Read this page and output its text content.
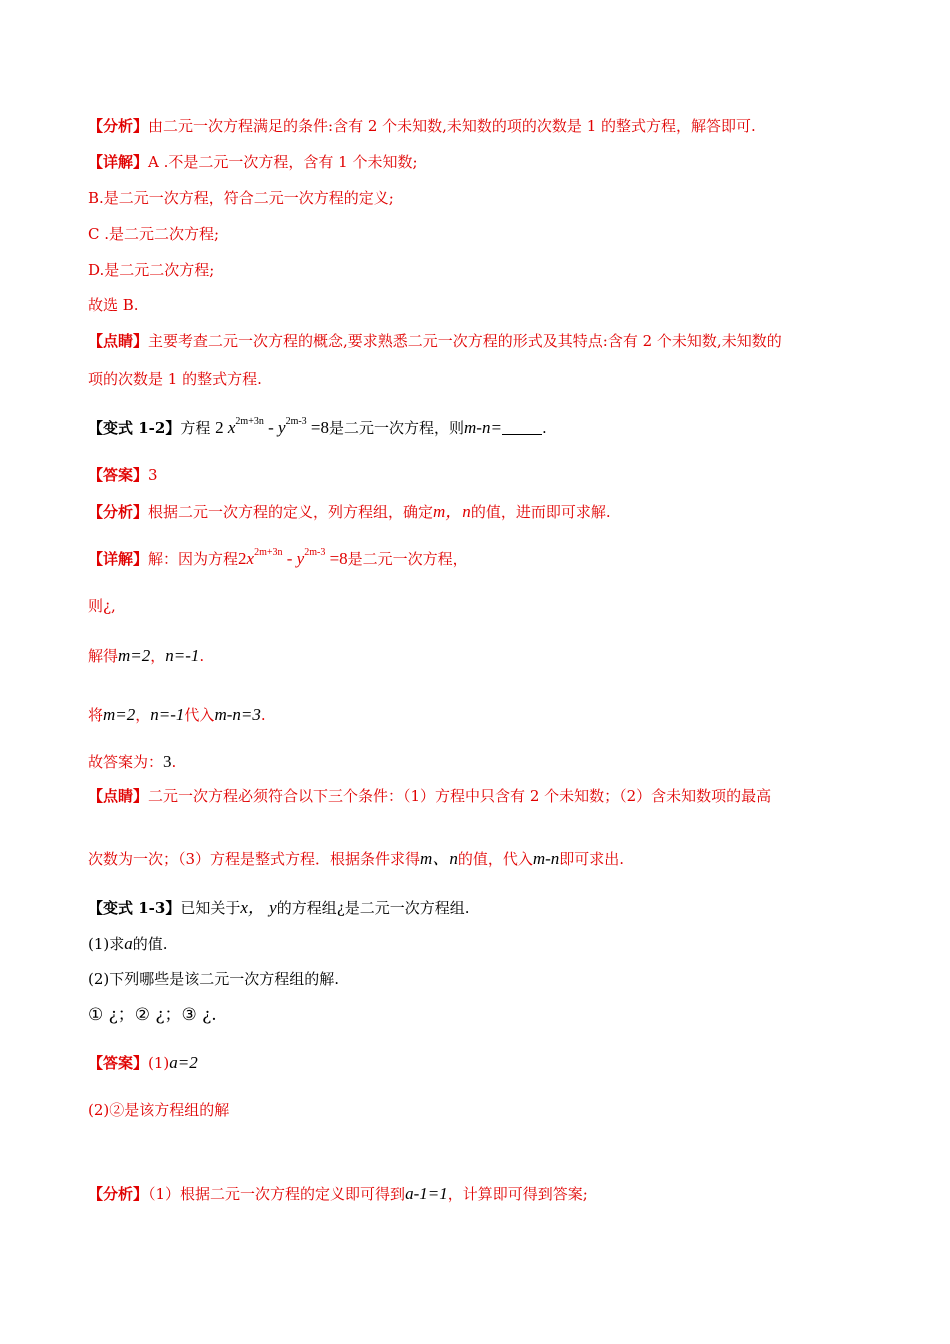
【分析】由二元一次方程满足的条件:含有 2 个未知数,未知数的项的次数是 1 的整式方程，解答即可.
【详解】A .不是二元一次方程，含有 1 个未知数;
B.是二元一次方程，符合二元一次方程的定义;
C .是二元二次方程;
D.是二元二次方程;
故选 B.
【点睛】主要考查二元一次方程的概念,要求熟悉二元一次方程的形式及其特点:含有 2 个未知数,未知数的
项的次数是 1 的整式方程.
【变式 1-2】方程 2 $x^{2m+3n} - y^{2m-3} =8$是二元一次方程，则m-n=	.
【答案】3
【分析】根据二元一次方程的定义，列方程组，确定m，n的值，进而即可求解.
【详解】解：因为方程$2x^{2m+3n} - y^{2m-3} =8$是二元一次方程，
则¿,
解得m=2，n=-1.
将m=2，n=-1代入m-n=3.
故答案为：3.
【点睛】二元一次方程必须符合以下三个条件：（1）方程中只含有 2 个未知数；（2）含未知数项的最高
次数为一次；（3）方程是整式方程．根据条件求得m、n的值，代入m-n即可求出.
【变式 1-3】已知关于x， y的方程组¿是二元一次方程组.
(1)求a的值.
(2)下列哪些是该二元一次方程组的解.
① ¿；② ¿；③ ¿.
【答案】(1)a=2
(2)②是该方程组的解
【分析】（1）根据二元一次方程的定义即可得到a-1=1，计算即可得到答案;
